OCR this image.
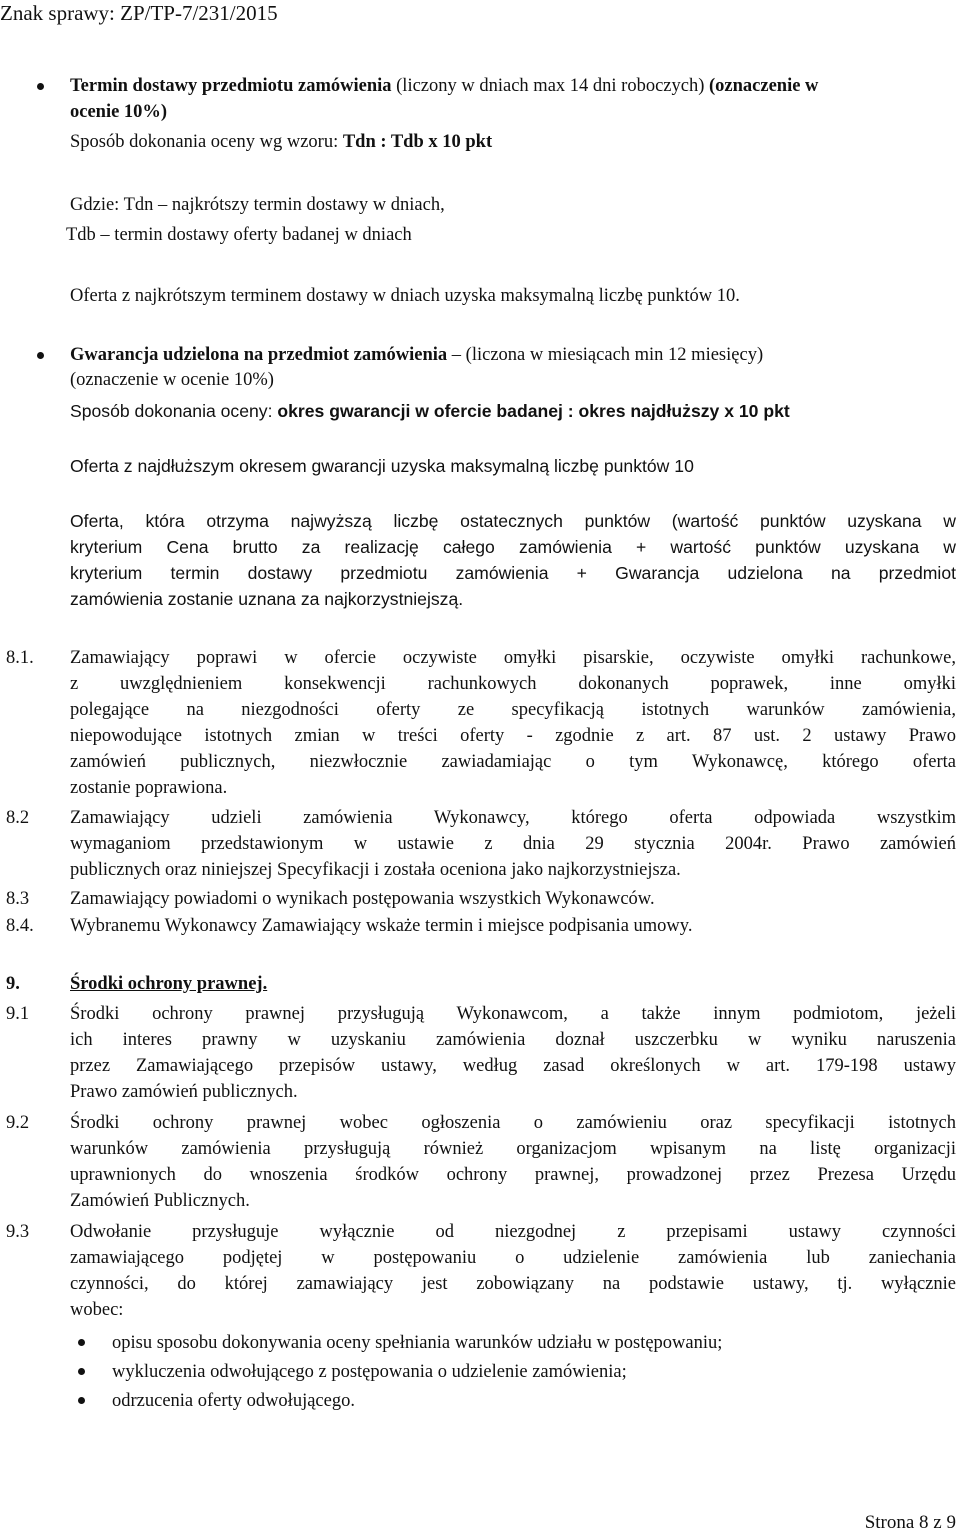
Znak sprawy: ZP/TP-7/231/2015
Termin dostawy przedmiotu zamówienia (liczony w dniach max 14 dni roboczych) (oznaczenie w
ocenie 10%)
Sposób dokonania oceny wg wzoru: Tdn : Tdb x 10 pkt
Gdzie: Tdn – najkrótszy termin dostawy w dniach,
Tdb – termin dostawy oferty badanej w dniach
Oferta z najkrótszym terminem dostawy w dniach uzyska maksymalną liczbę punktów 10.
Gwarancja udzielona na przedmiot zamówienia – (liczona w miesiącach min 12 miesięcy)
(oznaczenie w ocenie 10%)
Sposób dokonania oceny: okres gwarancji w ofercie badanej : okres najdłuższy x 10 pkt
Oferta z najdłuższym okresem gwarancji uzyska maksymalną liczbę punktów 10
Oferta, która otrzyma najwyższą liczbę ostatecznych punktów (wartość punktów uzyskana w
kryterium Cena brutto za realizację całego zamówienia + wartość punktów uzyskana w
kryterium termin dostawy przedmiotu zamówienia + Gwarancja udzielona na przedmiot
zamówienia zostanie uznana za najkorzystniejszą.
8.1. Zamawiający poprawi w ofercie oczywiste omyłki pisarskie, oczywiste omyłki rachunkowe,
z uwzględnieniem konsekwencji rachunkowych dokonanych poprawek, inne omyłki
polegające na niezgodności oferty ze specyfikacją istotnych warunków zamówienia,
niepowodujące istotnych zmian w treści oferty - zgodnie z art. 87 ust. 2 ustawy Prawo
zamówień publicznych, niezwłocznie zawiadamiając o tym Wykonawcę, którego oferta
zostanie poprawiona.
8.2 Zamawiający udzieli zamówienia Wykonawcy, którego oferta odpowiada wszystkim
wymaganiom przedstawionym w ustawie z dnia 29 stycznia 2004r. Prawo zamówień
publicznych oraz niniejszej Specyfikacji i została oceniona jako najkorzystniejsza.
8.3 Zamawiający powiadomi o wynikach postępowania wszystkich Wykonawców.
8.4. Wybranemu Wykonawcy Zamawiający wskaże termin i miejsce podpisania umowy.
9.	Środki ochrony prawnej.
9.1 Środki ochrony prawnej przysługują Wykonawcom, a także innym podmiotom, jeżeli
ich interes prawny w uzyskaniu zamówienia doznał uszczerbku w wyniku naruszenia
przez Zamawiającego przepisów ustawy, według zasad określonych w art. 179-198 ustawy
Prawo zamówień publicznych.
9.2 Środki ochrony prawnej wobec ogłoszenia o zamówieniu oraz specyfikacji istotnych
warunków zamówienia przysługują również organizacjom wpisanym na listę organizacji
uprawnionych do wnoszenia środków ochrony prawnej, prowadzonej przez Prezesa Urzędu
Zamówień Publicznych.
9.3 Odwołanie przysługuje wyłącznie od niezgodnej z przepisami ustawy czynności
zamawiającego podjętej w postępowaniu o udzielenie zamówienia lub zaniechania
czynności, do której zamawiający jest zobowiązany na podstawie ustawy, tj. wyłącznie
wobec:
opisu sposobu dokonywania oceny spełniania warunków udziału w postępowaniu;
wykluczenia odwołującego z postępowania o udzielenie zamówienia;
odrzucenia oferty odwołującego.
Strona 8 z 9
